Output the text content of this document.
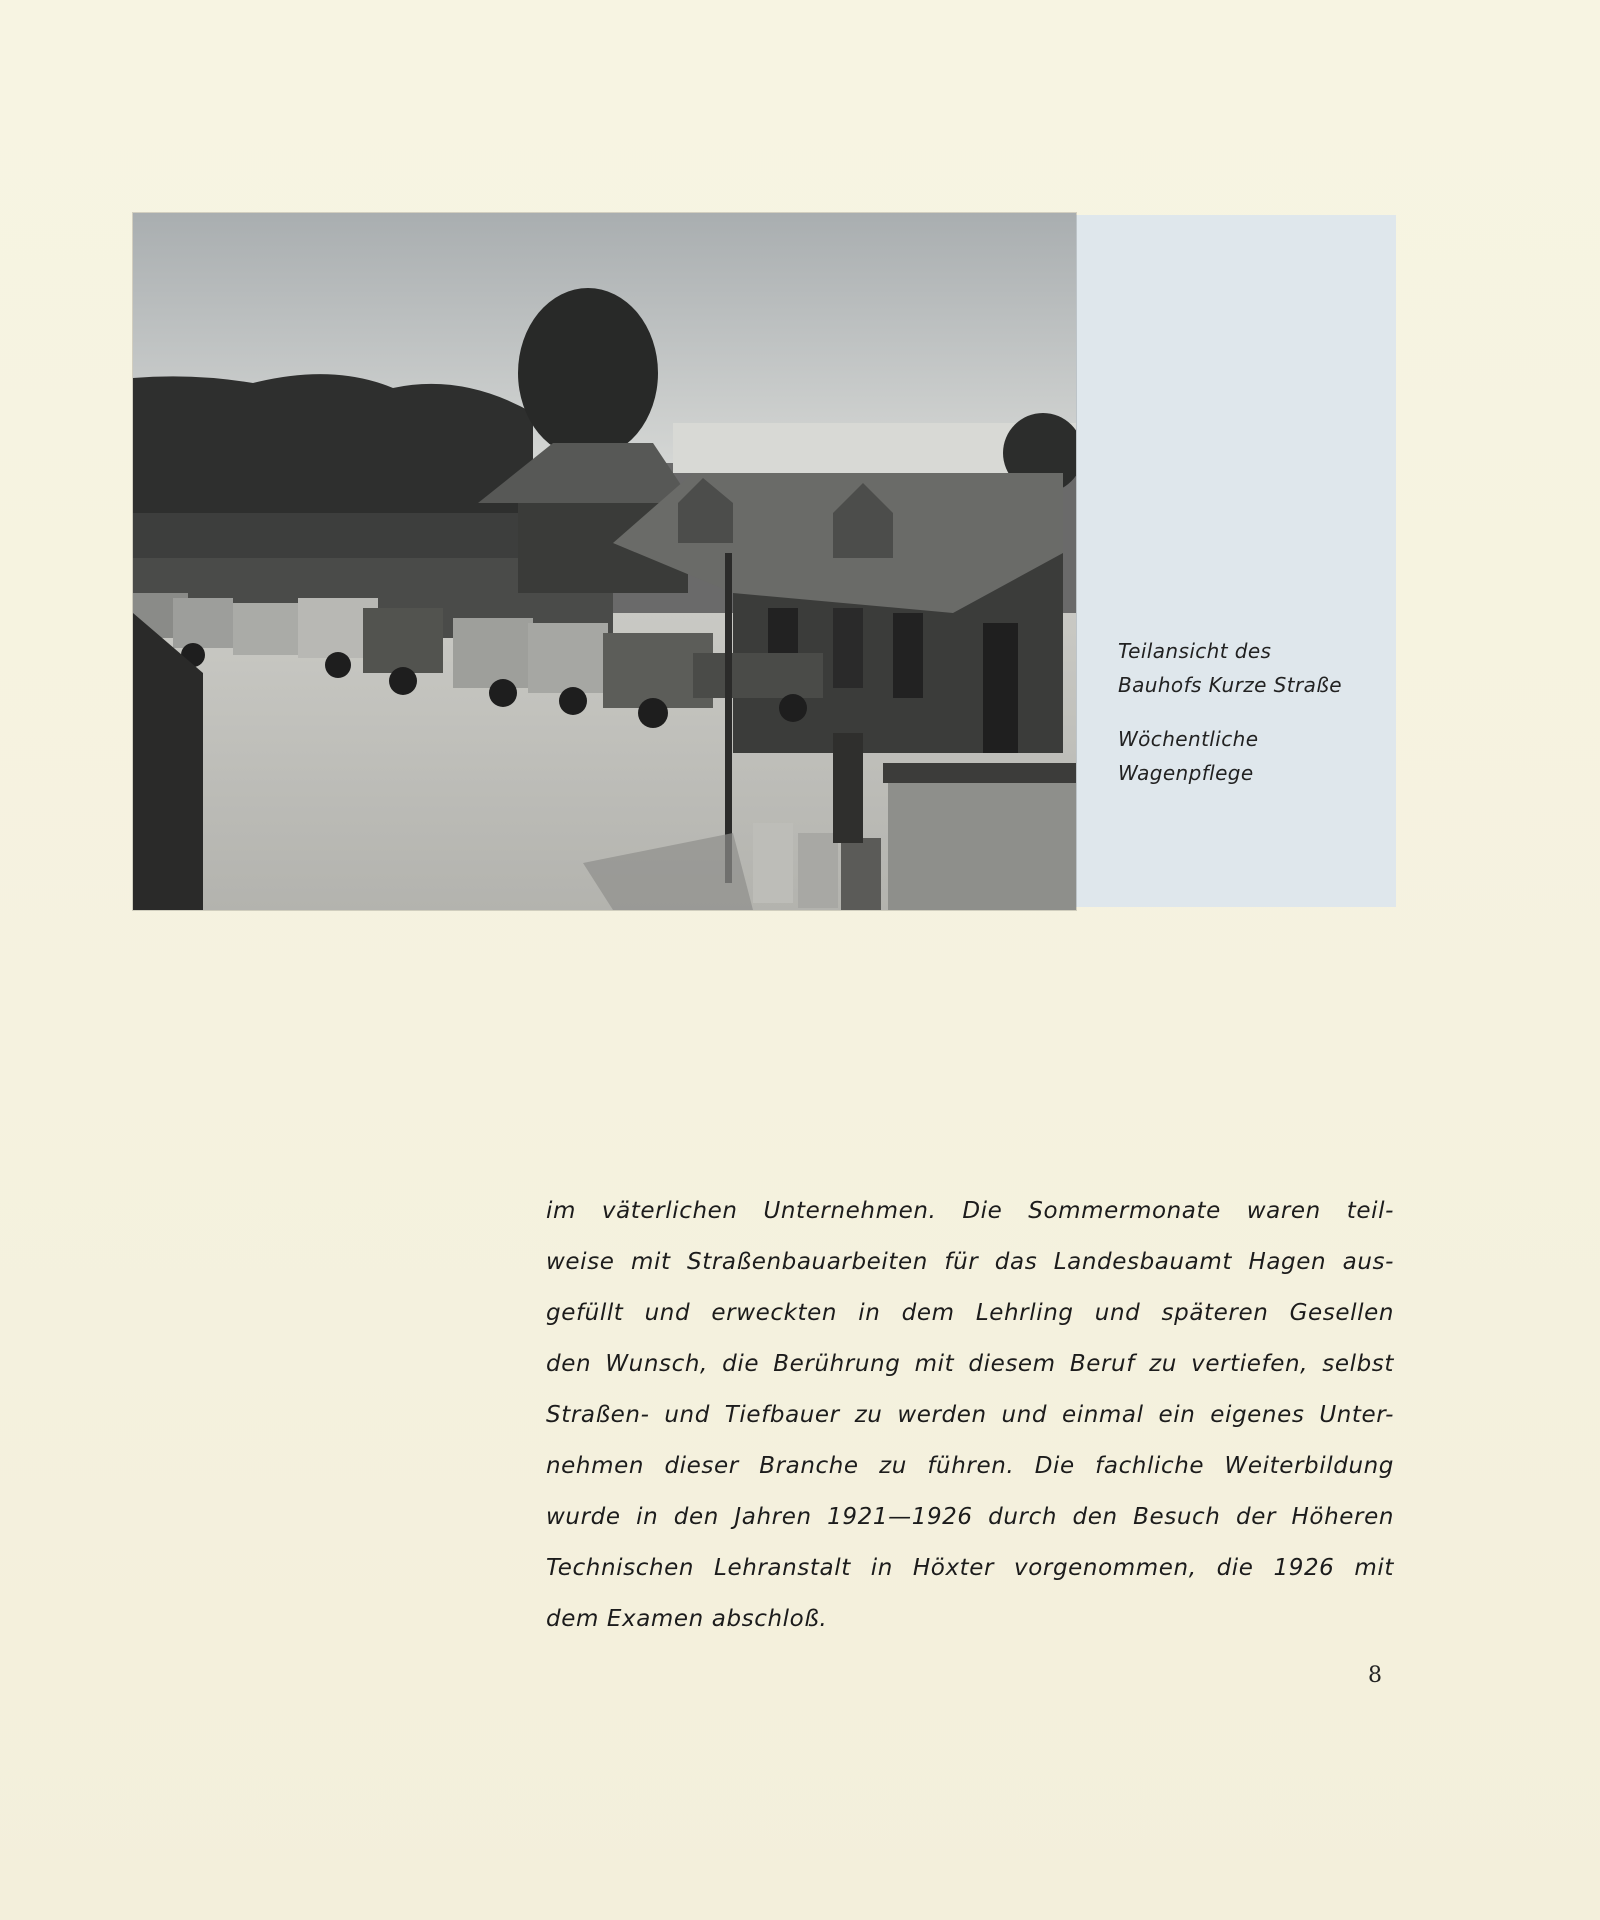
Teilansicht des
Bauhofs Kurze Straße
Wöchentliche
Wagenpflege
im väterlichen Unternehmen. Die Sommermonate waren teil-
weise mit Straßenbauarbeiten für das Landesbauamt Hagen aus-
gefüllt und erweckten in dem Lehrling und späteren Gesellen
den Wunsch, die Berührung mit diesem Beruf zu vertiefen, selbst
Straßen- und Tiefbauer zu werden und einmal ein eigenes Unter-
nehmen dieser Branche zu führen. Die fachliche Weiterbildung
wurde in den Jahren 1921—1926 durch den Besuch der Höheren
Technischen Lehranstalt in Höxter vorgenommen, die 1926 mit
dem Examen abschloß.
8
